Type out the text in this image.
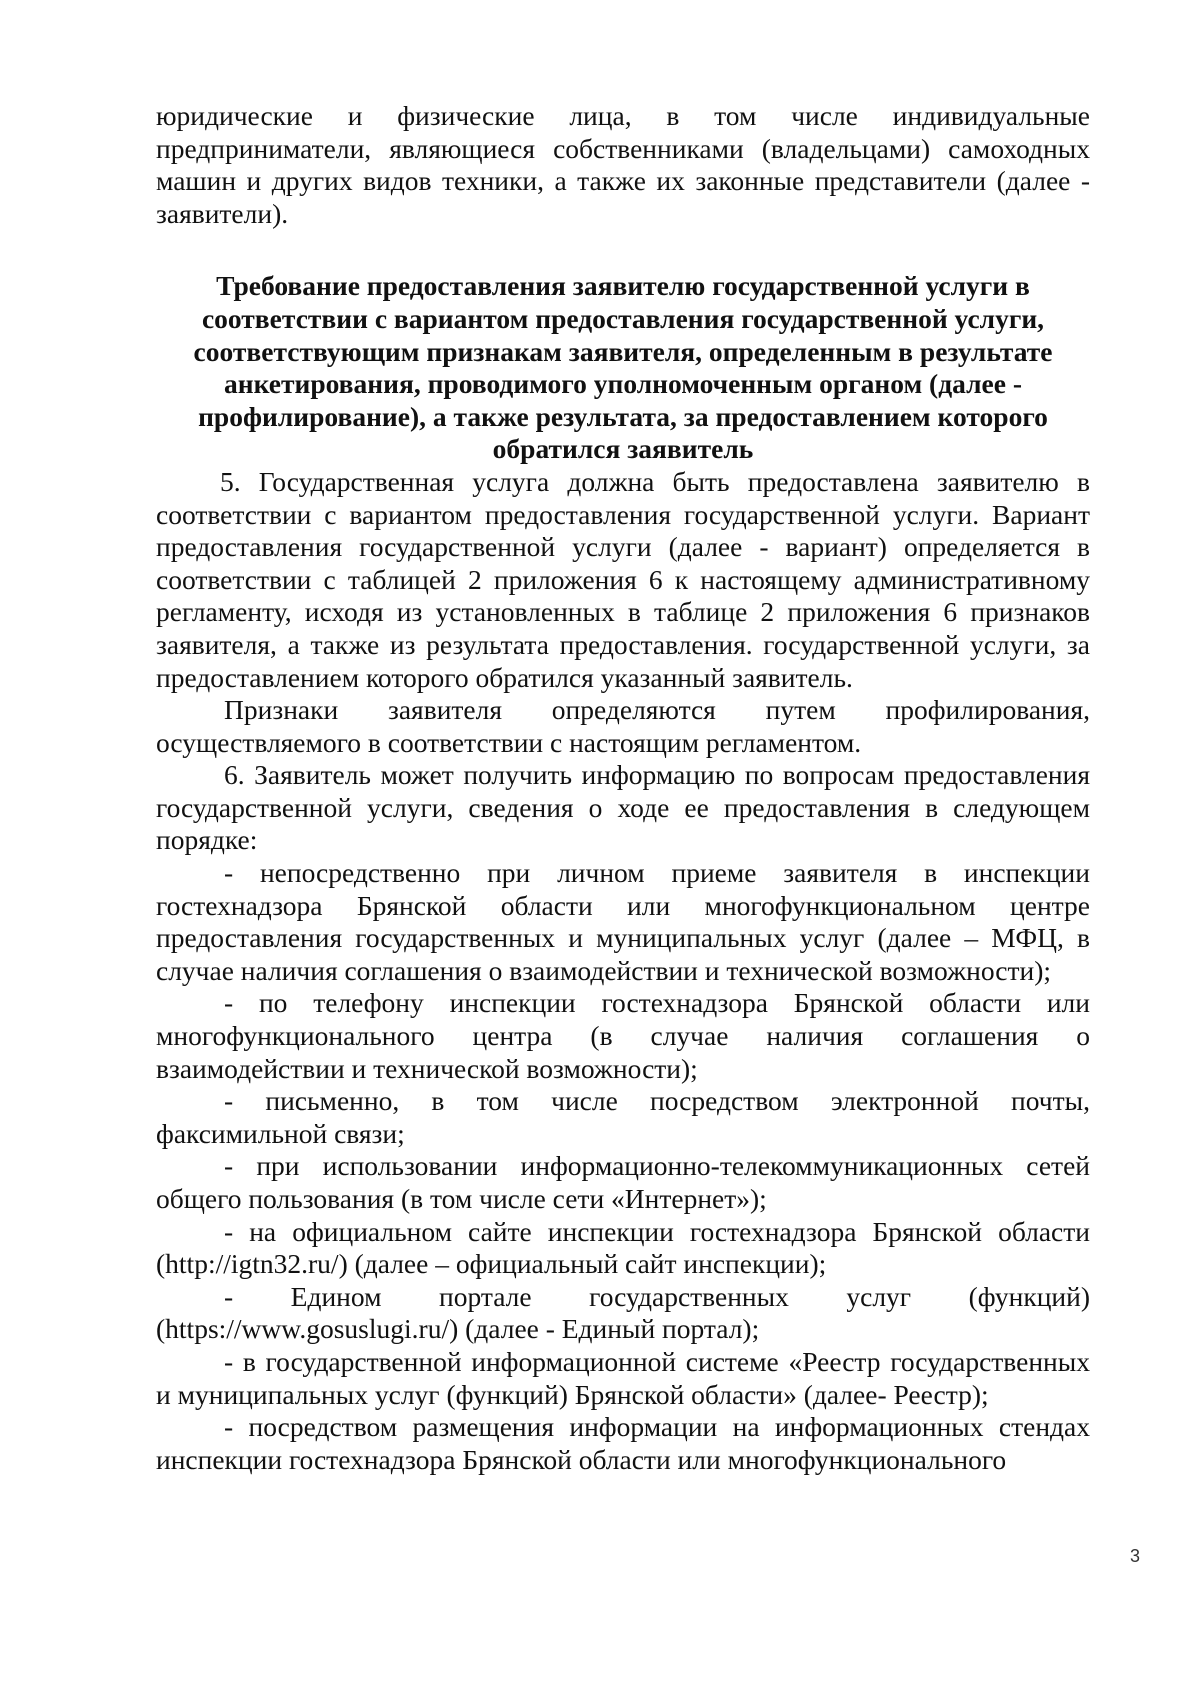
юридические и физические лица, в том числе индивидуальные предприниматели, являющиеся собственниками (владельцами) самоходных машин и других видов техники, а также их законные представители (далее - заявители).

Требование предоставления заявителю государственной услуги в соответствии с вариантом предоставления государственной услуги, соответствующим признакам заявителя, определенным в результате анкетирования, проводимого уполномоченным органом (далее - профилирование), а также результата, за предоставлением которого обратился заявитель

5. Государственная услуга должна быть предоставлена заявителю в соответствии с вариантом предоставления государственной услуги. Вариант предоставления государственной услуги (далее - вариант) определяется в соответствии с таблицей 2 приложения 6 к настоящему административному регламенту, исходя из установленных в таблице 2 приложения 6 признаков заявителя, а также из результата предоставления. государственной услуги, за предоставлением которого обратился указанный заявитель.

Признаки заявителя определяются путем профилирования, осуществляемого в соответствии с настоящим регламентом.

6. Заявитель может получить информацию по вопросам предоставления государственной услуги, сведения о ходе ее предоставления в следующем порядке:

- непосредственно при личном приеме заявителя в инспекции гостехнадзора Брянской области или многофункциональном центре предоставления государственных и муниципальных услуг (далее – МФЦ, в случае наличия соглашения о взаимодействии и технической возможности);

- по телефону инспекции гостехнадзора Брянской области или многофункционального центра (в случае наличия соглашения о взаимодействии и технической возможности);

- письменно, в том числе посредством электронной почты, факсимильной связи;

- при использовании информационно-телекоммуникационных сетей общего пользования (в том числе сети «Интернет»);

- на официальном сайте инспекции гостехнадзора Брянской области (http://igtn32.ru/) (далее – официальный сайт инспекции);

- Едином портале государственных услуг (функций) (https://www.gosuslugi.ru/) (далее - Единый портал);

- в государственной информационной системе «Реестр государственных и муниципальных услуг (функций) Брянской области» (далее- Реестр);

- посредством размещения информации на информационных стендах инспекции гостехнадзора Брянской области или многофункционального

3
